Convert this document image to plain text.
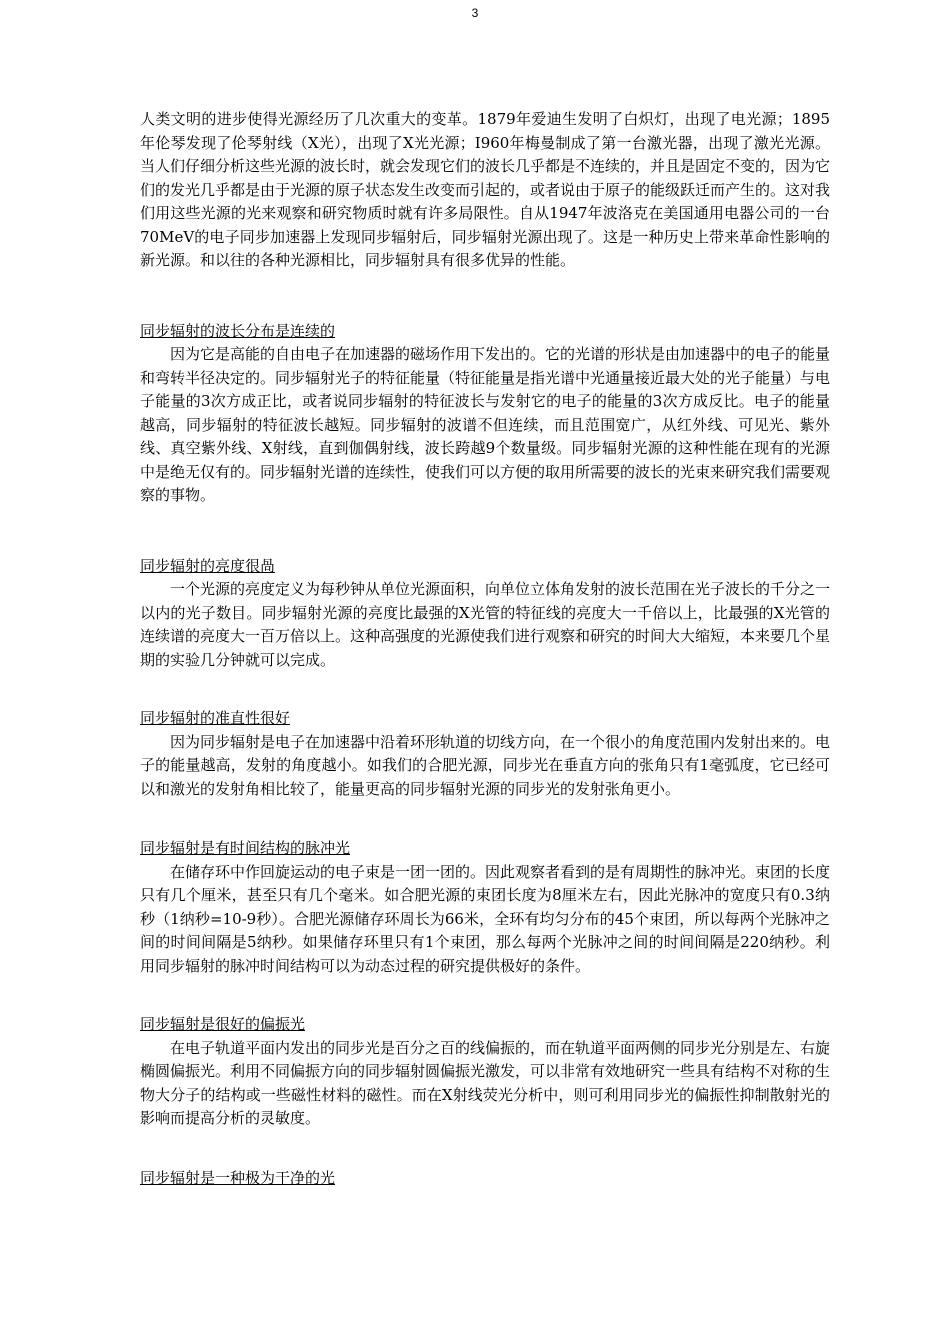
3

人类文明的进步使得光源经历了几次重大的变革。1879年爱迪生发明了白炽灯，出现了电光源；1895年伦琴发现了伦琴射线（X光），出现了X光光源；I960年梅曼制成了第一台激光器，出现了激光光源。当人们仔细分析这些光源的波长时，就会发现它们的波长几乎都是不连续的，并且是固定不变的，因为它们的发光几乎都是由于光源的原子状态发生改变而引起的，或者说由于原子的能级跃迁而产生的。这对我们用这些光源的光来观察和研究物质时就有许多局限性。自从1947年波洛克在美国通用电器公司的一台70MeV的电子同步加速器上发现同步辐射后，同步辐射光源出现了。这是一种历史上带来革命性影响的新光源。和以往的各种光源相比，同步辐射具有很多优异的性能。

同步辐射的波长分布是连续的

因为它是高能的自由电子在加速器的磁场作用下发出的。它的光谱的形状是由加速器中的电子的能量和弯转半径决定的。同步辐射光子的特征能量（特征能量是指光谱中光通量接近最大处的光子能量）与电子能量的3次方成正比，或者说同步辐射的特征波长与发射它的电子的能量的3次方成反比。电子的能量越高，同步辐射的特征波长越短。同步辐射的波谱不但连续，而且范围宽广，从红外线、可见光、紫外线、真空紫外线、X射线，直到伽偶射线，波长跨越9个数量级。同步辐射光源的这种性能在现有的光源中是绝无仅有的。同步辐射光谱的连续性，使我们可以方便的取用所需要的波长的光束来研究我们需要观察的事物。

同步辐射的亮度很咼

一个光源的亮度定义为每秒钟从单位光源面积，向单位立体角发射的波长范围在光子波长的千分之一以内的光子数目。同步辐射光源的亮度比最强的X光管的特征线的亮度大一千倍以上，比最强的X光管的连续谱的亮度大一百万倍以上。这种高强度的光源使我们进行观察和研究的时间大大缩短，本来要几个星期的实验几分钟就可以完成。

同步辐射的准直性很好

因为同步辐射是电子在加速器中沿着环形轨道的切线方向，在一个很小的角度范围内发射出来的。电子的能量越高，发射的角度越小。如我们的合肥光源，同步光在垂直方向的张角只有1毫弧度，它已经可以和激光的发射角相比较了，能量更高的同步辐射光源的同步光的发射张角更小。

同步辐射是有时间结构的脉冲光

在储存环中作回旋运动的电子束是一团一团的。因此观察者看到的是有周期性的脉冲光。束团的长度只有几个厘米，甚至只有几个毫米。如合肥光源的束团长度为8厘米左右，因此光脉冲的宽度只有0.3纳秒（1纳秒=10-9秒）。合肥光源储存环周长为66米，全环有均匀分布的45个束团，所以每两个光脉冲之间的时间间隔是5纳秒。如果储存环里只有1个束团，那么每两个光脉冲之间的时间间隔是220纳秒。利用同步辐射的脉冲时间结构可以为动态过程的研究提供极好的条件。

同步辐射是很好的偏振光

在电子轨道平面内发出的同步光是百分之百的线偏振的，而在轨道平面两侧的同步光分别是左、右旋椭圆偏振光。利用不同偏振方向的同步辐射圆偏振光激发，可以非常有效地研究一些具有结构不对称的生物大分子的结构或一些磁性材料的磁性。而在X射线荧光分析中，则可利用同步光的偏振性抑制散射光的影响而提高分析的灵敏度。

同步辐射是一种极为干净的光
